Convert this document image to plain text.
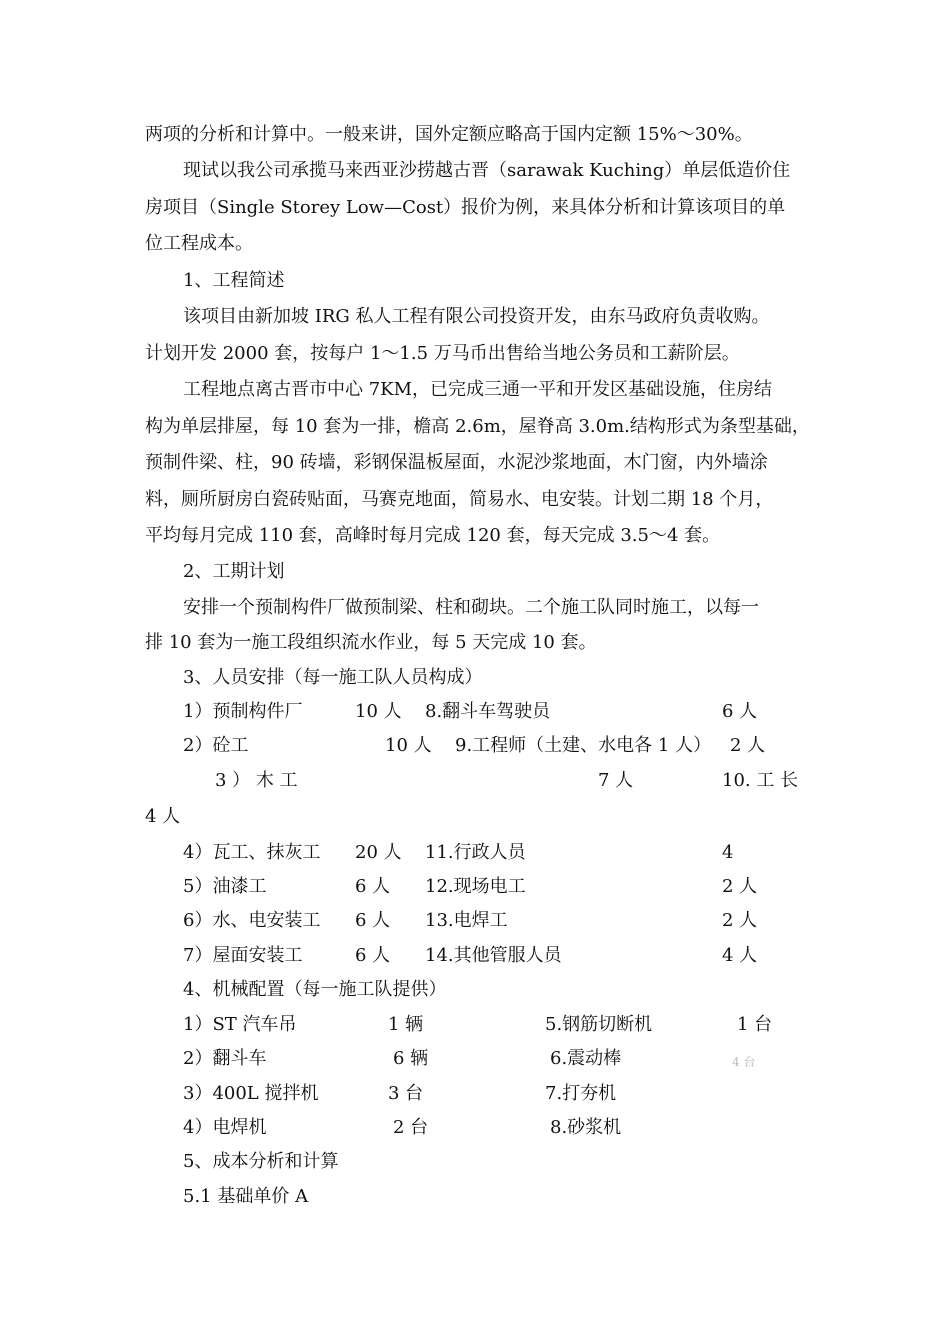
两项的分析和计算中。一般来讲，国外定额应略高于国内定额 15%～30%。
现试以我公司承揽马来西亚沙捞越古晋（sarawak Kuching）单层低造价住
房项目（Single Storey Low—Cost）报价为例，来具体分析和计算该项目的单
位工程成本。
1、工程简述
该项目由新加坡 IRG 私人工程有限公司投资开发，由东马政府负责收购。
计划开发 2000 套，按每户 1～1.5 万马币出售给当地公务员和工薪阶层。
工程地点离古晋市中心 7KM，已完成三通一平和开发区基础设施，住房结
构为单层排屋，每 10 套为一排，檐高 2.6m，屋脊高 3.0m.结构形式为条型基础，
预制件梁、柱，90 砖墙，彩钢保温板屋面，水泥沙浆地面，木门窗，内外墙涂
料，厕所厨房白瓷砖贴面，马赛克地面，简易水、电安装。计划二期 18 个月，
平均每月完成 110 套，高峰时每月完成 120 套，每天完成 3.5～4 套。
2、工期计划
安排一个预制构件厂做预制梁、柱和砌块。二个施工队同时施工，以每一
排 10 套为一施工段组织流水作业，每 5 天完成 10 套。
3、人员安排（每一施工队人员构成）
1）预制构件厂	10 人 8.翻斗车驾驶员	6 人
2）砼工	10 人 9.工程师（土建、水电各 1 人） 2 人
3 ） 木 工	7 人	10. 工 长
4 人
4）瓦工、抹灰工 20 人 11.行政人员	4
5）油漆工	6 人 12.现场电工	2 人
6）水、电安装工 6 人 13.电焊工	2 人
7）屋面安装工	6 人 14.其他管服人员	4 人
4、机械配置（每一施工队提供）
1）ST 汽车吊	1 辆	5.钢筋切断机	1 台
2）翻斗车	6 辆	6.震动棒	4 台
3）400L 搅拌机	3 台	7.打夯机
4）电焊机	2 台	8.砂浆机
5、成本分析和计算
5.1 基础单价 A
